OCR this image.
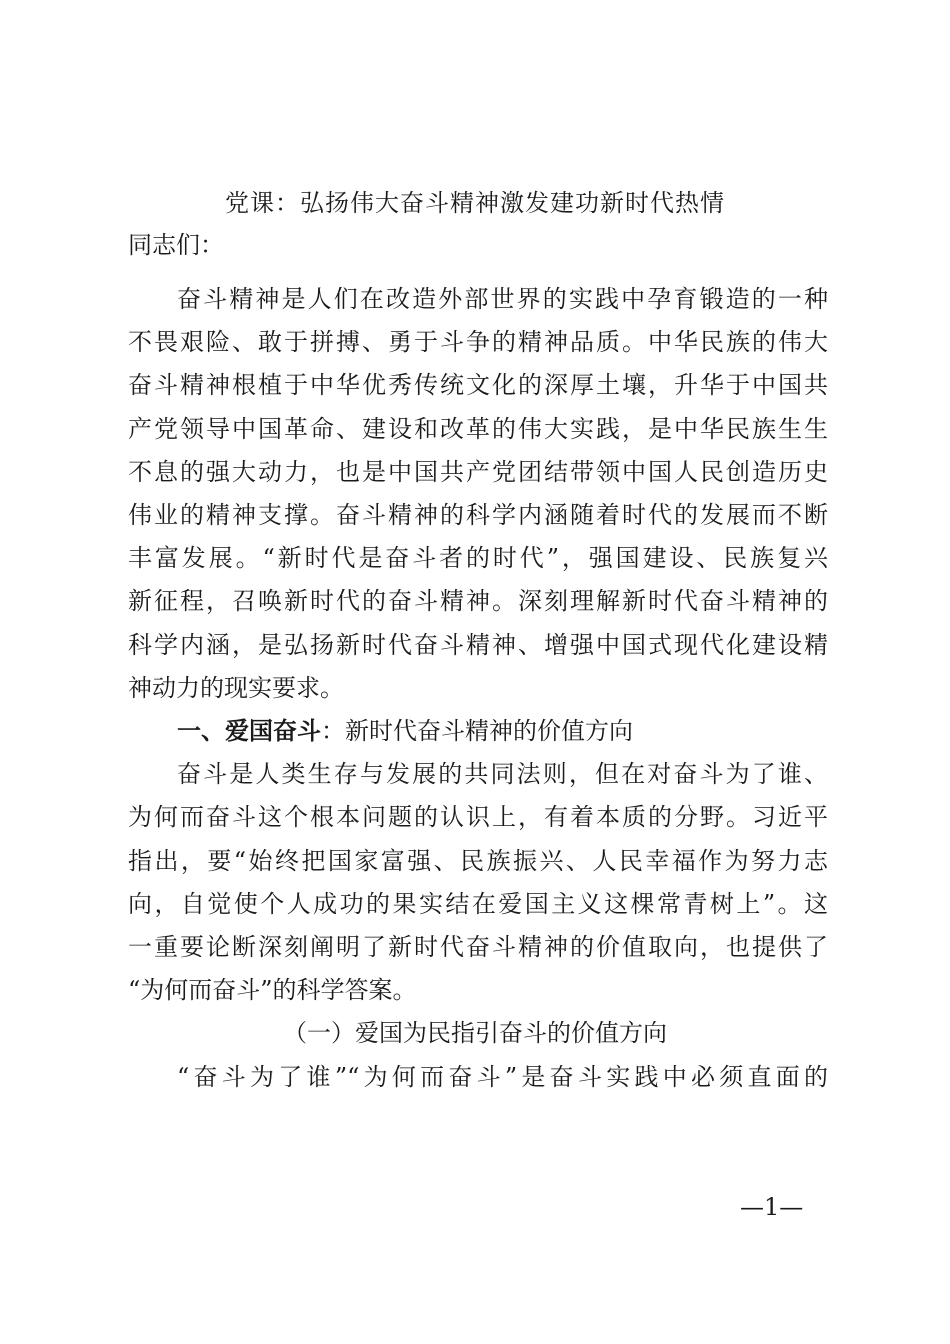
党课：弘扬伟大奋斗精神激发建功新时代热情
同志们：
奋斗精神是人们在改造外部世界的实践中孕育锻造的一种
不畏艰险、敢于拼搏、勇于斗争的精神品质。中华民族的伟大
奋斗精神根植于中华优秀传统文化的深厚土壤，升华于中国共
产党领导中国革命、建设和改革的伟大实践，是中华民族生生
不息的强大动力，也是中国共产党团结带领中国人民创造历史
伟业的精神支撑。奋斗精神的科学内涵随着时代的发展而不断
丰富发展。“新时代是奋斗者的时代”，强国建设、民族复兴
新征程，召唤新时代的奋斗精神。深刻理解新时代奋斗精神的
科学内涵，是弘扬新时代奋斗精神、增强中国式现代化建设精
神动力的现实要求。
一、爱国奋斗：新时代奋斗精神的价值方向
奋斗是人类生存与发展的共同法则，但在对奋斗为了谁、
为何而奋斗这个根本问题的认识上，有着本质的分野。习近平
指出，要“始终把国家富强、民族振兴、人民幸福作为努力志
向，自觉使个人成功的果实结在爱国主义这棵常青树上”。这
一重要论断深刻阐明了新时代奋斗精神的价值取向，也提供了
“为何而奋斗”的科学答案。
（一）爱国为民指引奋斗的价值方向
“奋斗为了谁”“为何而奋斗”是奋斗实践中必须直面的
—1—
